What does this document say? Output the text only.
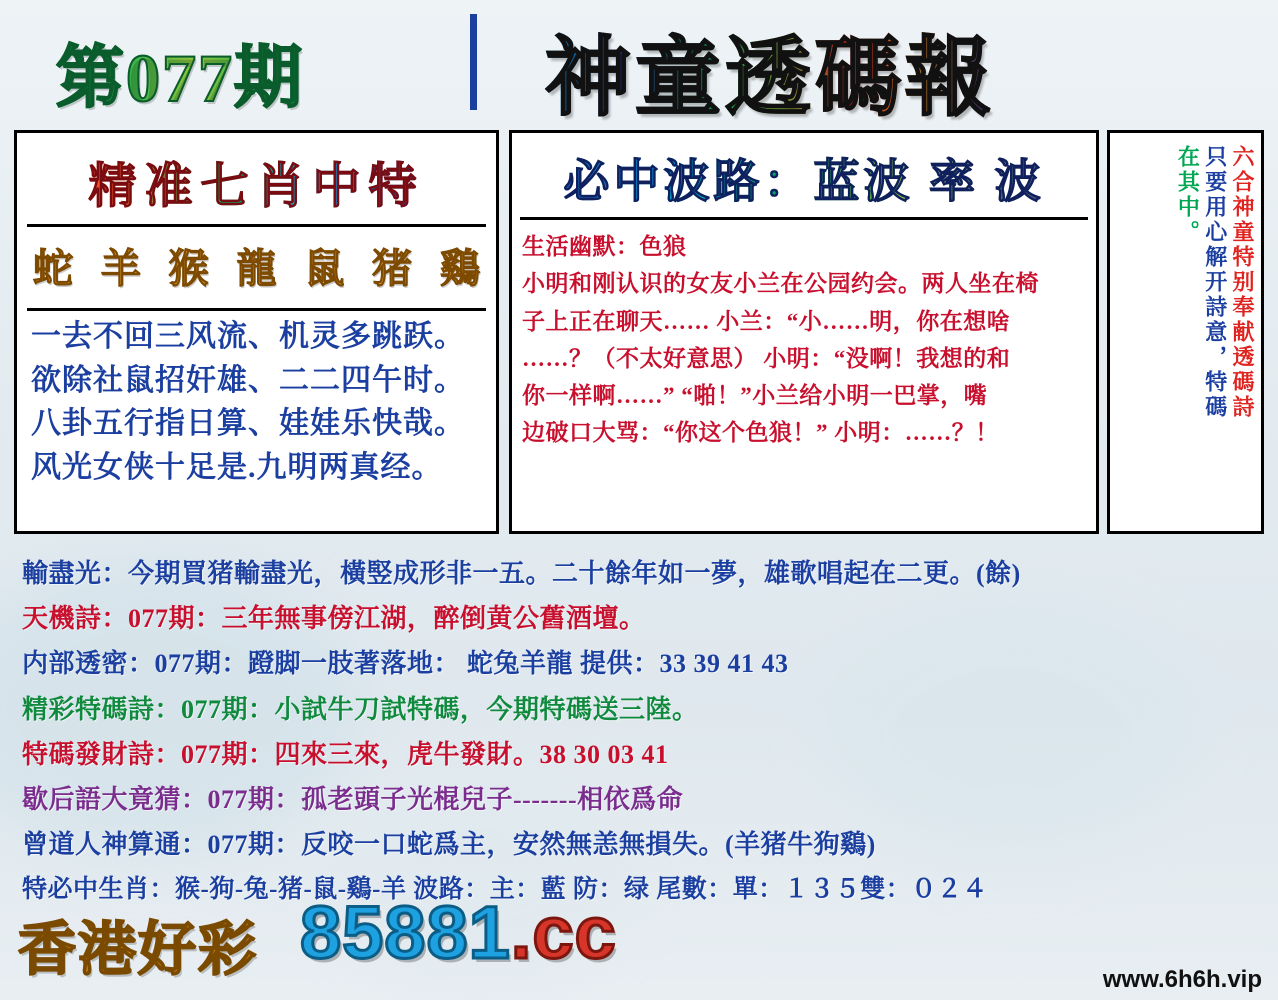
第077期	神童透碼報
精准七肖中特
蛇 羊 猴 龍 鼠 猪 鷄
一去不回三风流、机灵多跳跃。
欲除社鼠招奸雄、二二四午时。
八卦五行指日算、娃娃乐快哉。
风光女侠十足是.九明两真经。
必中波路：蓝波 率 波
生活幽默：色狼
小明和刚认识的女友小兰在公园约会。两人坐在椅
子上正在聊天…… 小兰：“小……明，你在想啥
……？（不太好意思） 小明：“没啊！我想的和
你一样啊……” “啪！”小兰给小明一巴掌，嘴
边破口大骂：“你这个色狼！” 小明：……？！
六合神童特别奉献透碼詩
只要用心解开詩意，特碼
在其中。
輸盡光：今期買猪輸盡光，橫竪成形非一五。二十餘年如一夢，雄歌唱起在二更。(餘)
天機詩：077期：三年無事傍江湖，醉倒黄公舊酒壇。
内部透密：077期：蹬脚一肢著落地： 蛇兔羊龍 提供：33 39 41 43
精彩特碼詩：077期：小試牛刀試特碼，今期特碼送三陸。
特碼發財詩：077期：四來三來，虎牛發財。38 30 03 41
歇后語大竟猜：077期：孤老頭子光棍兒子-------相依爲命
曾道人神算通：077期：反咬一口蛇爲主，安然無恙無損失。(羊猪牛狗鷄)
特必中生肖：猴-狗-兔-猪-鼠-鷄-羊 波路：主：藍 防：绿 尾數：單：１３５雙：０２４
香港好彩 85881.cc
www.6h6h.vip
